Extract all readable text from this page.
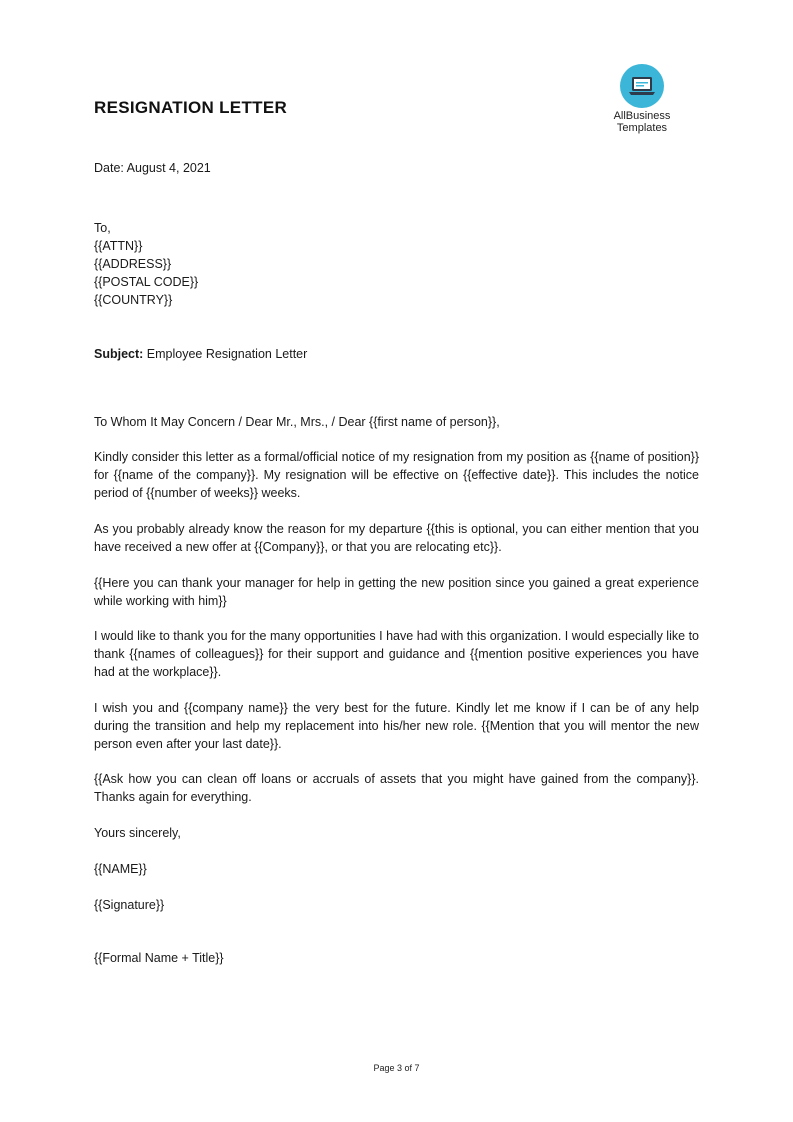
RESIGNATION LETTER	AllBusiness
Templates
Date: August 4, 2021
To,
{{ATTN}}
{{ADDRESS}}
{{POSTAL CODE}}
{{COUNTRY}}
Subject: Employee Resignation Letter
To Whom It May Concern / Dear Mr., Mrs., / Dear {{first name of person}},
Kindly consider this letter as a formal/official notice of my resignation from my position as {{name of position}} for {{name of the company}}. My resignation will be effective on {{effective date}}. This includes the notice period of {{number of weeks}} weeks.
As you probably already know the reason for my departure {{this is optional, you can either mention that you have received a new offer at {{Company}}, or that you are relocating etc}}.
{{Here you can thank your manager for help in getting the new position since you gained a great experience while working with him}}
I would like to thank you for the many opportunities I have had with this organization. I would especially like to thank {{names of colleagues}} for their support and guidance and {{mention positive experiences you have had at the workplace}}.
I wish you and {{company name}} the very best for the future. Kindly let me know if I can be of any help during the transition and help my replacement into his/her new role. {{Mention that you will mentor the new person even after your last date}}.
{{Ask how you can clean off loans or accruals of assets that you might have gained from the company}}. Thanks again for everything.
Yours sincerely,
{{NAME}}
{{Signature}}
{{Formal Name + Title}}
Page 3 of 7
